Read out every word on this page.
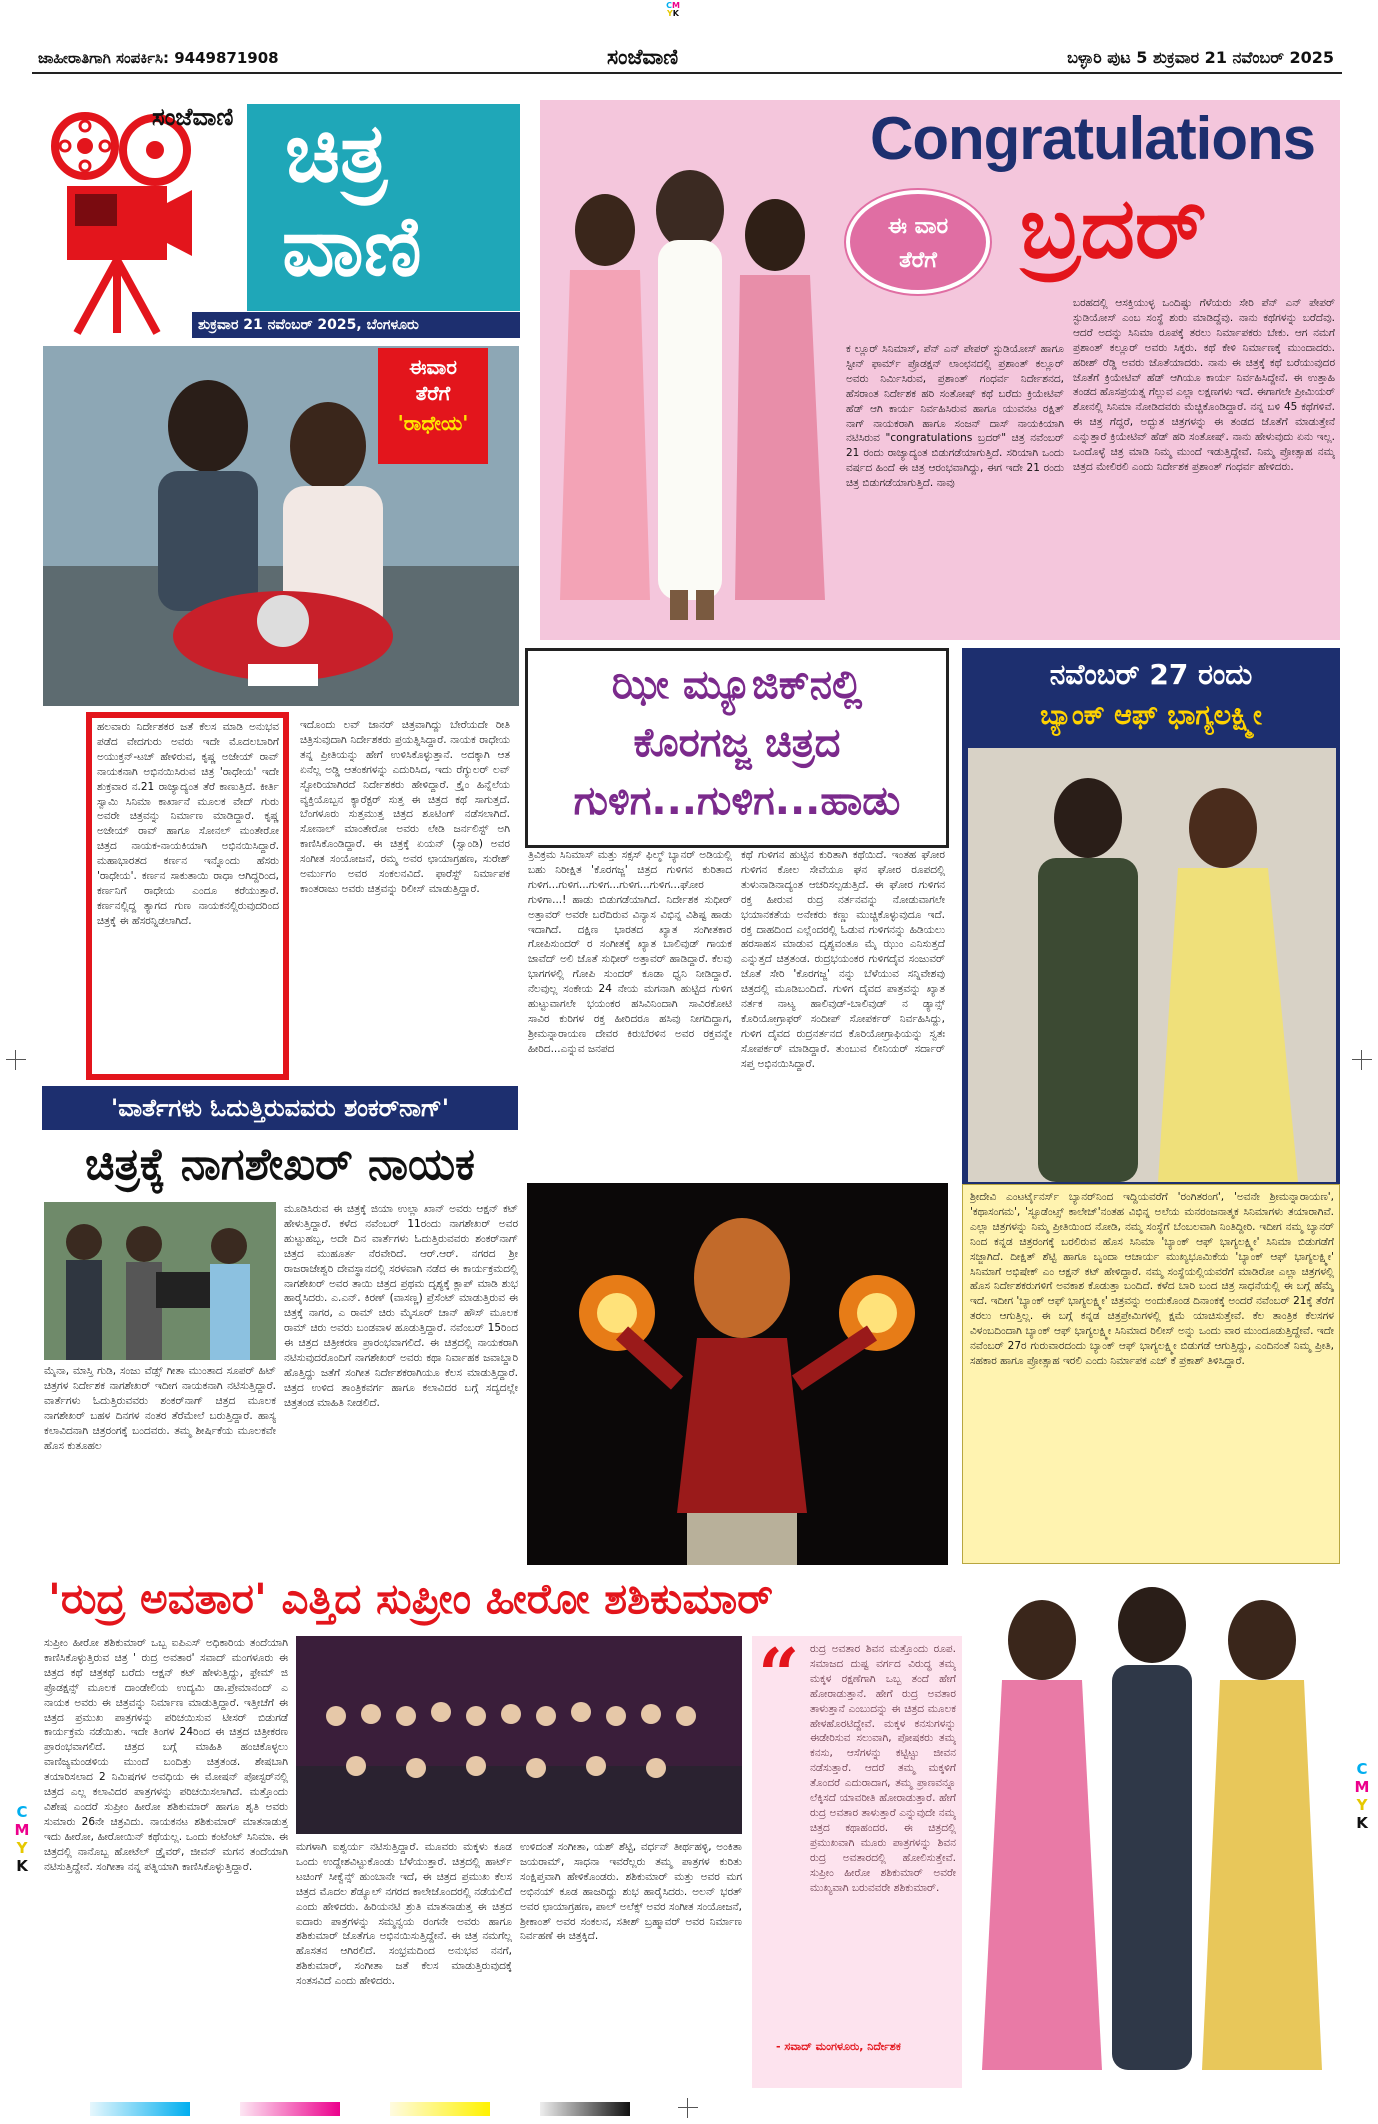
CM
YK
ಜಾಹೀರಾತಿಗಾಗಿ ಸಂಪರ್ಕಿಸಿ: 9449871908	ಸಂಜೆವಾಣಿ	ಬಳ್ಳಾರಿ ಪುಟ 5 ಶುಕ್ರವಾರ 21 ನವೆಂಬರ್ 2025
ಸಂಜೆವಾಣಿ ಚಿತ್ರ
ವಾಣಿ
ಶುಕ್ರವಾರ 21 ನವೆಂಬರ್ 2025, ಬೆಂಗಳೂರು
Congratulations
ಈ ವಾರ
ತೆರೆಗೆ ಬ್ರದರ್
ಕ ಲ್ಲೂರ್ ಸಿನಿಮಾಸ್, ಪೆನ್ ಎನ್ ಪೇಪರ್ ಸ್ಟುಡಿಯೋಸ್ ಹಾಗೂ ಸ್ಟೀನ್ ಫಾರ್ಮ್ ಪ್ರೊಡಕ್ಷನ್ ಲಾಂಛನದಲ್ಲಿ ಪ್ರಶಾಂತ್ ಕಲ್ಲೂರ್ ಅವರು ನಿರ್ಮಿಸಿರುವ, ಪ್ರಶಾಂತ್ ಗಂಧರ್ವ ನಿರ್ದೇಶನದ, ಹೆಸರಾಂತ ನಿರ್ದೇಶಕ ಹರಿ ಸಂತೋಷ್ ಕಥೆ ಬರೆದು ಕ್ರಿಯೇಟಿವ್ ಹೆಡ್ ಆಗಿ ಕಾರ್ಯ ನಿರ್ವಹಿಸಿರುವ ಹಾಗೂ ಯುವನಟ ರಕ್ಷಿತ್ ನಾಗ್ ನಾಯಕರಾಗಿ ಹಾಗೂ ಸಂಜನ್ ದಾಸ್ ನಾಯಕಿಯಾಗಿ ನಟಿಸಿರುವ "congratulations ಬ್ರದರ್" ಚಿತ್ರ ನವೆಂಬರ್ 21 ರಂದು ರಾಜ್ಯಾದ್ಯಂತ ಬಿಡುಗಡೆಯಾಗುತ್ತಿದೆ. ಸರಿಯಾಗಿ ಒಂದು ವರ್ಷದ ಹಿಂದೆ ಈ ಚಿತ್ರ ಆರಂಭವಾಗಿದ್ದು, ಈಗ ಇದೇ 21 ರಂದು ಚಿತ್ರ ಬಿಡುಗಡೆಯಾಗುತ್ತಿದೆ. ನಾವು
ಬರಹದಲ್ಲಿ ಆಸಕ್ತಿಯುಳ್ಳ ಒಂದಿಷ್ಟು ಗೆಳೆಯರು ಸೇರಿ ಪೆನ್ ಎನ್ ಪೇಪರ್ ಸ್ಟುಡಿಯೋಸ್ ಎಂಬ ಸಂಸ್ಥೆ ಶುರು ಮಾಡಿದ್ದೆವು. ನಾನು ಕಥೆಗಳನ್ನು ಬರೆದೆವು. ಆದರೆ ಅದನ್ನು ಸಿನಿಮಾ ರೂಪಕ್ಕೆ ತರಲು ನಿರ್ಮಾಪಕರು ಬೇಕು. ಆಗ ನಮಗೆ ಪ್ರಶಾಂತ್ ಕಲ್ಲೂರ್ ಅವರು ಸಿಕ್ಕರು. ಕಥೆ ಕೇಳಿ ನಿರ್ಮಾಣಕ್ಕೆ ಮುಂದಾದರು. ಹರೀಶ್ ರೆಡ್ಡಿ ಅವರು ಜೊತೆಯಾದರು. ನಾನು ಈ ಚಿತ್ರಕ್ಕೆ ಕಥೆ ಬರೆಯುವುದರ ಜೊತೆಗೆ ಕ್ರಿಯೇಟಿವ್ ಹೆಡ್ ಆಗಿಯೂ ಕಾರ್ಯ ನಿರ್ವಹಿಸಿದ್ದೇನೆ. ಈ ಉತ್ತಾಹಿ ತಂಡದ ಹೊಸಪ್ರಯತ್ನ ಗೆಲ್ಲುವ ಎಲ್ಲಾ ಲಕ್ಷಣಗಳು ಇದೆ. ಈಗಾಗಲೇ ಪ್ರೀಮಿಯರ್ ಶೋನಲ್ಲಿ ಸಿನಿಮಾ ನೋಡಿದವರು ಮೆಚ್ಚಿಕೊಂಡಿದ್ದಾರೆ. ನನ್ನ ಬಳಿ 45 ಕಥೆಗಳಿವೆ. ಈ ಚಿತ್ರ ಗೆದ್ದರೆ, ಅದ್ಭುತ ಚಿತ್ರಗಳನ್ನು ಈ ತಂಡದ ಜೊತೆಗೆ ಮಾಡುತ್ತೇನೆ ಎನ್ನುತ್ತಾರೆ ಕ್ರಿಯೇಟಿವ್ ಹೆಡ್ ಹರಿ ಸಂತೋಷ್. ನಾನು ಹೇಳುವುದು ಏನು ಇಲ್ಲ. ಒಂದೊಳ್ಳೆ ಚಿತ್ರ ಮಾಡಿ ನಿಮ್ಮ ಮುಂದೆ ಇಡುತ್ತಿದ್ದೇವೆ. ನಿಮ್ಮ ಪ್ರೋತ್ಸಾಹ ನಮ್ಮ ಚಿತ್ರದ ಮೇಲಿರಲಿ ಎಂದು ನಿರ್ದೇಶಕ ಪ್ರಶಾಂತ್ ಗಂಧರ್ವ ಹೇಳಿದರು.
ಈವಾರ
ತೆರೆಗೆ
'ರಾಧೇಯ'
ಹಲವಾರು ನಿರ್ದೇಶಕರ ಜತೆ ಕೆಲಸ ಮಾಡಿ ಅನುಭವ ಪಡೆದ ವೇದಗುರು ಅವರು ಇದೇ ಮೊದಲಬಾರಿಗೆ ಅಯುಕ್ತನ್-ಟಚ್ ಹೇಳಿರುವ, ಕೃಷ್ಣ ಅಜೇಯ್ ರಾವ್ ನಾಯಕನಾಗಿ ಅಭಿನಯಿಸಿರುವ ಚಿತ್ರ 'ರಾಧೇಯ' ಇದೇ ಶುಕ್ರವಾರ ನ.21 ರಾಜ್ಯಾದ್ಯಂತ ತೆರೆ ಕಾಣುತ್ತಿದೆ. ಕೀರ್ತಿ ಸ್ವಾಮಿ ಸಿನಿಮಾ ಕಾರ್ಖಾನೆ ಮೂಲಕ ವೇದ್ ಗುರು ಅವರೇ ಚಿತ್ರವನ್ನು ನಿರ್ಮಾಣ ಮಾಡಿದ್ದಾರೆ. ಕೃಷ್ಣ ಅಜೇಯ್ ರಾವ್ ಹಾಗೂ ಸೋನಲ್ ಮಂತೇರೋ ಚಿತ್ರದ ನಾಯಕ-ನಾಯಕಿಯಾಗಿ ಅಭಿನಯಿಸಿದ್ದಾರೆ. ಮಹಾಭಾರತದ ಕರ್ಣನ ಇನ್ನೊಂದು ಹೆಸರು 'ರಾಧೇಯ'. ಕರ್ಣನ ಸಾಕುತಾಯಿ ರಾಧಾ ಆಗಿದ್ದರಿಂದ, ಕರ್ಣನಿಗೆ ರಾಧೇಯ ಎಂದೂ ಕರೆಯುತ್ತಾರೆ. ಕರ್ಣನಲ್ಲಿದ್ದ ತ್ಯಾಗದ ಗುಣ ನಾಯಕನಲ್ಲಿರುವುದರಿಂದ ಚಿತ್ರಕ್ಕೆ ಈ ಹೆಸರನ್ನಿಡಲಾಗಿದೆ.
ಇದೊಂದು ಲವ್ ಜಾನರ್ ಚಿತ್ರವಾಗಿದ್ದು ಬೇರೆಯದೇ ರೀತಿ ಚಿತ್ರಿಸುವುದಾಗಿ ನಿರ್ದೇಶಕರು ಪ್ರಯತ್ನಿಸಿದ್ದಾರೆ. ನಾಯಕ ರಾಧೇಯ ತನ್ನ ಪ್ರೀತಿಯನ್ನು ಹೇಗೆ ಉಳಿಸಿಕೊಳ್ಳುತ್ತಾನೆ. ಅದಕ್ಕಾಗಿ ಆತ ಏನೆಲ್ಲ ಅಡ್ಡಿ ಆತಂಕಗಳನ್ನು ಎದುರಿಸಿದ, ಇದು ರೆಗ್ಯುಲರ್ ಲವ್ ಸ್ಟೋರಿಯಾಗಿರದೆ ನಿರ್ದೇಶಕರು ಹೇಳಿದ್ದಾರೆ. ಕ್ರೈಂ ಹಿನ್ನೆಲೆಯ ವ್ಯಕ್ತಿಯೊಬ್ಬನ ಕ್ಯಾರೆಕ್ಟರ್ ಸುತ್ತ ಈ ಚಿತ್ರದ ಕಥೆ ಸಾಗುತ್ತದೆ. ಬೆಂಗಳೂರು ಸುತ್ತಮುತ್ತ ಚಿತ್ರದ ಶೂಟಿಂಗ್ ನಡೆಸಲಾಗಿದೆ. ಸೋನಾಲ್ ಮಾಂತೇರೋ ಅವರು ಲೇಡಿ ಜರ್ನಲಿಸ್ಟ್ ಅಗಿ ಕಾಣಿಸಿಕೊಂಡಿದ್ದಾರೆ. ಈ ಚಿತ್ರಕ್ಕೆ ಏಯನ್ (ಸ್ವಾಂಡಿ) ಅವರ ಸಂಗೀತ ಸಂಯೋಜನೆ, ರಮ್ಮ ಅವರ ಛಾಯಾಗ್ರಹಣ, ಸುರೇಶ್ ಅರ್ಮುಗಂ ಅವರ ಸಂಕಲನವಿದೆ. ಫಾರೆಸ್ಟ್ ನಿರ್ಮಾಪಕ ಕಾಂತರಾಜು ಅವರು ಚಿತ್ರವನ್ನು ರಿಲೀಸ್ ಮಾಡುತ್ತಿದ್ದಾರೆ.
ಝೀ ಮ್ಯೂಜಿಕ್‌ನಲ್ಲಿ
ಕೊರಗಜ್ಜ ಚಿತ್ರದ
ಗುಳಿಗ...ಗುಳಿಗ...ಹಾಡು
ತ್ರಿವಿಕ್ರಮ ಸಿನಿಮಾಸ್ ಮತ್ತು ಸಕ್ಸಸ್ ಫಿಲ್ಮ್ ಬ್ಯಾನರ್ ಅಡಿಯಲ್ಲಿ ಬಹು ನಿರೀಕ್ಷಿತ 'ಕೊರಗಜ್ಜ' ಚಿತ್ರದ ಗುಳಿಗನ ಕುರಿತಾದ ಗುಳಿಗ...ಗುಳಿಗ...ಗುಳಿಗ...ಗುಳಿಗ...ಗುಳಿಗ...ಘೋರ ಗುಳಿಗಾ...! ಹಾಡು ಬಿಡುಗಡೆಯಾಗಿದೆ. ನಿರ್ದೇಶಕ ಸುಧೀರ್ ಅತ್ತಾವರ್ ಅವರೇ ಬರೆದಿರುವ ವಿನ್ಯಾಸ ವಿಭಿನ್ನ ವಿಶಿಷ್ಟ ಹಾಡು ಇದಾಗಿದೆ. ದಕ್ಷಿಣ ಭಾರತದ ಖ್ಯಾತ ಸಂಗೀತಕಾರ ಗೋಪಿಸುಂದರ್ ರ ಸಂಗೀತಕ್ಕೆ ಖ್ಯಾತ ಬಾಲಿವುಡ್ ಗಾಯಕ ಜಾವೆದ್ ಅಲಿ ಜೊತೆ ಸುಧೀರ್ ಅತ್ತಾವರ್ ಹಾಡಿದ್ದಾರೆ. ಕೆಲವು ಭಾಗಗಳಲ್ಲಿ ಗೋಪಿ ಸುಂದರ್ ಕೂಡಾ ಧ್ವನಿ ನೀಡಿದ್ದಾರೆ. ನೆಲವುಲ್ಲ ಸಂಕೇಯ 24 ನೇಯ ಮಗನಾಗಿ ಹುಟ್ಟಿದ ಗುಳಿಗ ಹುಟ್ಟುವಾಗಲೇ ಭಯಂಕರ ಹಸಿವಿನಿಂದಾಗಿ ಸಾವಿರಕೋಟಿ ಸಾವಿರ ಕುರಿಗಳ ರಕ್ತ ಹೀರಿದರೂ ಹಸಿವು ನೀಗದಿದ್ದಾಗ, ಶ್ರೀಮನ್ನಾರಾಯಣ ದೇವರ ಕಿರುಬೆರಳಿನ ಅವರ ರಕ್ತವನ್ನೇ ಹೀರಿದ...ಎನ್ನುವ ಜನಪದ
ಕಥೆ ಗುಳಿಗನ ಹುಟ್ಟಿನ ಕುರಿತಾಗಿ ಕಥೆಯಿದೆ. ಇಂತಹ ಘೋರ ಗುಳಿಗನ ಕೋಲ ಸೇವೆಯೂ ಘನ ಘೋರ ರೂಪದಲ್ಲಿ ತುಳುನಾಡಿನಾದ್ಯಂತ ಆಚರಿಸಲ್ಪಡುತ್ತಿದೆ. ಈ ಘೋರ ಗುಳಿಗನ ರಕ್ತ ಹೀರುವ ರುದ್ರ ನರ್ತನವನ್ನು ನೋಡುವಾಗಲೇ ಭಯಾನಕತೆಯ ಅನೇಕರು ಕಣ್ಣು ಮುಚ್ಚಿಕೊಳ್ಳುವುದೂ ಇದೆ. ರಕ್ತ ದಾಹದಿಂದ ಎಲ್ಲೆಂದರಲ್ಲಿ ಓಡುವ ಗುಳಿಗನನ್ನು ಹಿಡಿಯಲು ಹರಸಾಹಸ ಮಾಡುವ ದೃಶ್ಯವಂತೂ ಮೈ ಝುಂ ಎನಿಸುತ್ತದೆ ಎನ್ನುತ್ತದೆ ಚಿತ್ರತಂಡ. ರುದ್ರಭಯಂಕರ ಗುಳಿಗದೈವ ಸಂಜುವರ್ ಜೊತೆ ಸೇರಿ 'ಕೊರಗಜ್ಜ' ನನ್ನು ಬೆಳೆಯುವ ಸನ್ನಿವೇಶವು ಚಿತ್ರದಲ್ಲಿ ಮೂಡಿಬಂದಿದೆ. ಗುಳಿಗ ದೈವದ ಪಾತ್ರವನ್ನು ಖ್ಯಾತ ನರ್ತಕ ನಾಟ್ಯ ಹಾಲಿವುಡ್-ಬಾಲಿವುಡ್ ನ ಡ್ಯಾನ್ಸ್ ಕೊರಿಯೋಗ್ರಾಫರ್ ಸಂದೀಪ್ ಸೋಪರ್ಕರ್ ನಿರ್ವಹಿಸಿದ್ದು, ಗುಳಿಗ ದೈವದ ರುದ್ರನರ್ತನದ ಕೊರಿಯೋಗ್ರಾಫಿಯನ್ನು ಸ್ವತಃ ಸೋಪರ್ಕರ್ ಮಾಡಿದ್ದಾರೆ. ತುಂಬುವ ಲೀನಿಯರ್ ಸರ್ದಾರ್ ಸಪ್ತ ಅಭಿನಯಿಸಿದ್ದಾರೆ.
ನವೆಂಬರ್ 27 ರಂದು
ಬ್ಯಾಂಕ್ ಆಫ್ ಭಾಗ್ಯಲಕ್ಷ್ಮೀ
ಶ್ರೀದೇವಿ ಎಂಟರ್ಟೈನರ್ಸ್ ಬ್ಯಾನರ್‌ನಿಂದ ಇದ್ದಿಯವರೆಗೆ 'ರಂಗಿತರಂಗ', 'ಅವನೇ ಶ್ರೀಮನ್ನಾರಾಯಣ', 'ಕಥಾಸಂಗಮ', 'ಸ್ಟೂಡೆಂಟ್ಸ್ ಕಾಲೇಜ್'ನಂತಹ ವಿಭಿನ್ನ ಅಲೆಯ ಮನರಂಜನಾತ್ಮಕ ಸಿನಿಮಾಗಳು ತಯಾರಾಗಿವೆ. ಎಲ್ಲಾ ಚಿತ್ರಗಳನ್ನು ನಿಮ್ಮ ಪ್ರೀತಿಯಿಂದ ನೋಡಿ, ನಮ್ಮ ಸಂಸ್ಥೆಗೆ ಬೆಂಬಲವಾಗಿ ನಿಂತಿದ್ದೀರಿ. ಇದೀಗ ನಮ್ಮ ಬ್ಯಾನರ್ ನಿಂದ ಕನ್ನಡ ಚಿತ್ರರಂಗಕ್ಕೆ ಬರಲಿರುವ ಹೊಸ ಸಿನಿಮಾ 'ಬ್ಯಾಂಕ್ ಆಫ್ ಭಾಗ್ಯಲಕ್ಷ್ಮೀ' ಸಿನಿಮಾ ಬಿಡುಗಡೆಗೆ ಸಜ್ಜಾಗಿದೆ. ದೀಕ್ಷಿತ್ ಶೆಟ್ಟಿ ಹಾಗೂ ಬೃಂದಾ ಆಚಾರ್ಯ ಮುಖ್ಯಭೂಮಿಕೆಯ 'ಬ್ಯಾಂಕ್ ಆಫ್ ಭಾಗ್ಯಲಕ್ಷ್ಮೀ' ಸಿನಿಮಾಗೆ ಅಭಿಷೇಕ್ ಎಂ ಆಕ್ಷನ್ ಕಟ್ ಹೇಳಿದ್ದಾರೆ. ನಮ್ಮ ಸಂಸ್ಥೆಯಲ್ಲಿಯವರೆಗೆ ಮಾಡಿರೋ ಎಲ್ಲಾ ಚಿತ್ರಗಳಲ್ಲಿ ಹೊಸ ನಿರ್ದೇಶಕರುಗಳಿಗೆ ಅವಕಾಶ ಕೊಡುತ್ತಾ ಬಂದಿದೆ. ಕಳೆದ ಬಾರಿ ಬಂದ ಚಿತ್ರ ಸಾಧನೆಯಲ್ಲಿ ಈ ಬಗ್ಗೆ ಹೆಮ್ಮೆ ಇದೆ. ಇದೀಗ 'ಬ್ಯಾಂಕ್ ಆಫ್ ಭಾಗ್ಯಲಕ್ಷ್ಮೀ' ಚಿತ್ರವನ್ನು ಅಂದುಕೊಂಡ ದಿನಾಂಕಕ್ಕೆ ಅಂದರೆ ನವೆಂಬರ್ 21ಕ್ಕೆ ತೆರೆಗೆ ತರಲು ಆಗುತ್ತಿಲ್ಲ. ಈ ಬಗ್ಗೆ ಕನ್ನಡ ಚಿತ್ರಪ್ರೇಮಿಗಳಲ್ಲಿ ಕ್ಷಮೆ ಯಾಚಿಸುತ್ತೇವೆ. ಕೆಲ ತಾಂತ್ರಿಕ ಕೆಲಸಗಳ ವಿಳಂಬದಿಂದಾಗಿ ಬ್ಯಾಂಕ್ ಆಫ್ ಭಾಗ್ಯಲಕ್ಷ್ಮೀ ಸಿನಿಮಾದ ರಿಲೀಸ್ ಅನ್ನು ಒಂದು ವಾರ ಮುಂದೂಡುತ್ತಿದ್ದೇವೆ. ಇದೇ ನವೆಂಬರ್ 27ರ ಗುರುವಾರದಂದು ಬ್ಯಾಂಕ್ ಆಫ್ ಭಾಗ್ಯಲಕ್ಷ್ಮೀ ಬಿಡುಗಡೆ ಆಗುತ್ತಿದ್ದು, ಎಂದಿನಂತೆ ನಿಮ್ಮ ಪ್ರೀತಿ, ಸಹಕಾರ ಹಾಗೂ ಪ್ರೋತ್ಸಾಹ ಇರಲಿ ಎಂದು ನಿರ್ಮಾಪಕ ಎಚ್ ಕೆ ಪ್ರಕಾಶ್ ತಿಳಿಸಿದ್ದಾರೆ.
'ವಾರ್ತೆಗಳು ಓದುತ್ತಿರುವವರು ಶಂಕರ್‌ನಾಗ್'
ಚಿತ್ರಕ್ಕೆ ನಾಗಶೇಖರ್ ನಾಯಕ
ಮೈನಾ, ಮಾಸ್ತಿ ಗುಡಿ, ಸಂಜು ವೆಡ್ಸ್ ಗೀತಾ ಮುಂತಾದ ಸೂಪರ್ ಹಿಟ್ ಚಿತ್ರಗಳ ನಿರ್ದೇಶಕ ನಾಗಶೇಖರ್ ಇದೀಗ ನಾಯಕನಾಗಿ ನಟಿಸುತ್ತಿದ್ದಾರೆ. ವಾರ್ತೆಗಳು ಓದುತ್ತಿರುವವರು ಶಂಕರ್‌ನಾಗ್ ಚಿತ್ರದ ಮೂಲಕ ನಾಗಶೇಖರ್ ಬಹಳ ದಿನಗಳ ನಂತರ ತೆರೆಮೇಲೆ ಬರುತ್ತಿದ್ದಾರೆ. ಹಾಸ್ಯ ಕಲಾವಿದನಾಗಿ ಚಿತ್ರರಂಗಕ್ಕೆ ಬಂದವರು. ತಮ್ಮ ಶೀರ್ಷಿಕೆಯ ಮೂಲಕವೇ ಹೊಸ ಕುತೂಹಲ
ಮೂಡಿಸಿರುವ ಈ ಚಿತ್ರಕ್ಕೆ ಜಿಯಾ ಉಲ್ಲಾ ಖಾನ್ ಅವರು ಆಕ್ಷನ್ ಕಟ್ ಹೇಳುತ್ತಿದ್ದಾರೆ. ಕಳೆದ ನವೆಂಬರ್ 11ರಂದು ನಾಗಶೇಖರ್ ಅವರ ಹುಟ್ಟುಹಬ್ಬ, ಅದೇ ದಿನ ವಾರ್ತೆಗಳು ಓದುತ್ತಿರುವವರು ಶಂಕರ್‌ನಾಗ್ ಚಿತ್ರದ ಮುಹೂರ್ತ ನೆರವೇರಿದೆ. ಆರ್.ಆರ್. ನಗರದ ಶ್ರೀ ರಾಜರಾಜೇಶ್ವರಿ ದೇವಸ್ಥಾನದಲ್ಲಿ ಸರಳವಾಗಿ ನಡೆದ ಈ ಕಾರ್ಯಕ್ರಮದಲ್ಲಿ ನಾಗಶೇಖರ್ ಅವರ ತಾಯಿ ಚಿತ್ರದ ಪ್ರಥಮ ದೃಶ್ಯಕ್ಕೆ ಕ್ಲಾಪ್ ಮಾಡಿ ಶುಭ ಹಾರೈಸಿದರು. ಎ.ಎನ್. ಕಿರಣ್ (ವಾಸಣ್ಣ) ಪ್ರೆಸೆಂಟ್ ಮಾಡುತ್ತಿರುವ ಈ ಚಿತ್ರಕ್ಕೆ ನಾಗರ, ಎ ರಾಮ್ ಚಿರು ಮೈಸೂರ್ ಚಾನ್ ಹೌಸ್ ಮೂಲಕ ರಾಮ್ ಚಿರು ಅವರು ಬಂಡವಾಳ ಹೂಡುತ್ತಿದ್ದಾರೆ. ನವೆಂಬರ್ 15ರಿಂದ ಈ ಚಿತ್ರದ ಚಿತ್ರೀಕರಣ ಪ್ರಾರಂಭವಾಗಲಿದೆ. ಈ ಚಿತ್ರದಲ್ಲಿ ನಾಯಕರಾಗಿ ನಟಿಸುವುದರೊಂದಿಗೆ ನಾಗಶೇಖರ್ ಅವರು ಕಥಾ ನಿರ್ವಾಹಕ ಜವಾಬ್ದಾರಿ ಹೊತ್ತಿದ್ದು ಜತೆಗೆ ಸಂಗೀತ ನಿರ್ದೇಶಕರಾಗಿಯೂ ಕೆಲಸ ಮಾಡುತ್ತಿದ್ದಾರೆ. ಚಿತ್ರದ ಉಳಿದ ತಾಂತ್ರಿಕವರ್ಗ ಹಾಗೂ ಕಲಾವಿದರ ಬಗ್ಗೆ ಸದ್ಯದಲ್ಲೇ ಚಿತ್ರತಂಡ ಮಾಹಿತಿ ನೀಡಲಿದೆ.
'ರುದ್ರ ಅವತಾರ' ಎತ್ತಿದ ಸುಪ್ರೀಂ ಹೀರೋ ಶಶಿಕುಮಾರ್
ಸುಪ್ರೀಂ ಹೀರೋ ಶಶಿಕುಮಾರ್ ಒಬ್ಬ ಐಪಿಎಸ್ ಅಧಿಕಾರಿಯ ತಂದೆಯಾಗಿ ಕಾಣಿಸಿಕೊಳ್ಳುತ್ತಿರುವ ಚಿತ್ರ ' ರುದ್ರ ಅವತಾರ' ಸವಾದ್ ಮಂಗಳೂರು ಈ ಚಿತ್ರದ ಕಥೆ ಚಿತ್ರಕಥೆ ಬರೆದು ಆಕ್ಷನ್ ಕಟ್ ಹೇಳುತ್ತಿದ್ದು, ಫ್ರೇಮ್ ಜಿ ಪ್ರೊಡಕ್ಷನ್ಸ್ ಮೂಲಕ ದಾಂಡೇಲಿಯ ಉದ್ಯಮಿ ಡಾ.ಪ್ರೇಮಾನಂದ್ ಎ ನಾಯಕ ಅವರು ಈ ಚಿತ್ರವನ್ನು ನಿರ್ಮಾಣ ಮಾಡುತ್ತಿದ್ದಾರೆ. ಇತ್ತೀಚೆಗೆ ಈ ಚಿತ್ರದ ಪ್ರಮುಖ ಪಾತ್ರಗಳನ್ನು ಪರಿಚಯಿಸುವ ಟೀಸರ್ ಬಿಡುಗಡೆ ಕಾರ್ಯಕ್ರಮ ನಡೆಯಿತು. ಇದೇ ತಿಂಗಳ 24ರಿಂದ ಈ ಚಿತ್ರದ ಚಿತ್ರೀಕರಣ ಪ್ರಾರಂಭವಾಗಲಿದೆ. ಚಿತ್ರದ ಬಗ್ಗೆ ಮಾಹಿತಿ ಹಂಚಿಕೊಳ್ಳಲು ವಾಣಿಜ್ಯಮಂಡಳಿಯ ಮುಂದೆ ಬಂದಿತ್ತು ಚಿತ್ರತಂಡ. ಶೇಷಬಾಗಿ ತಯಾರಿಸಲಾದ 2 ನಿಮಿಷಗಳ ಅವಧಿಯ ಈ ಮೋಷನ್ ಪೋಸ್ಟರ್‌ನಲ್ಲಿ ಚಿತ್ರದ ಎಲ್ಲ ಕಲಾವಿದರ ಪಾತ್ರಗಳನ್ನು ಪರಿಚಯಿಸಲಾಗಿದೆ. ಮತ್ತೊಂದು ವಿಶೇಷ ಎಂದರೆ ಸುಪ್ರೀಂ ಹೀರೋ ಶಶಿಕುಮಾರ್ ಹಾಗೂ ಶೃತಿ ಅವರು ಸುಮಾರು 26ನೇ ಚಿತ್ರವಿದು. ನಾಯಕನಟ ಶಶಿಕುಮಾರ್ ಮಾತನಾಡುತ್ತ ಇದು ಹೀರೋ, ಹೀರೋಯಿನ್ ಕಥೆಯಲ್ಲ. ಒಂದು ಕಂಟೆಂಟ್ ಸಿನಿಮಾ. ಈ ಚಿತ್ರದಲ್ಲಿ ನಾನೊಬ್ಬ ಹೋಟೆಲ್ ಡ್ರೈವರ್, ಜೀವನ್ ಮಗನ ತಂದೆಯಾಗಿ ನಟಿಸುತ್ತಿದ್ದೇನೆ. ಸಂಗೀತಾ ನನ್ನ ಪತ್ನಿಯಾಗಿ ಕಾಣಿಸಿಕೊಳ್ಳುತ್ತಿದ್ದಾರೆ.
ಮಗಳಾಗಿ ಐಶ್ವರ್ಯ ನಟಿಸುತ್ತಿದ್ದಾರೆ. ಮೂವರು ಮಕ್ಕಳು ಕೂಡ ಒಂದು ಉದ್ದೇಶವಿಟ್ಟುಕೊಂಡು ಬೆಳೆಯುತ್ತಾರೆ. ಚಿತ್ರದಲ್ಲಿ ಹಾರ್ಟ್ ಟಚಿಂಗ್ ಸೀಕ್ವೆನ್ಸ್ ಹುಂಬಾನೇ ಇದೆ, ಈ ಚಿತ್ರದ ಪ್ರಮುಖ ಕೆಲಸ ಚಿತ್ರದ ಮೊದಲ ಶೆಡ್ಯೂಲ್ ನಗರದ ಕಾಲೇಜೊಂದರಲ್ಲಿ ನಡೆಯಲಿದೆ ಎಂದು ಹೇಳಿದರು. ಹಿರಿಯನಟಿ ಶ್ರುತಿ ಮಾತನಾಡುತ್ತ ಈ ಚಿತ್ರದ ಐದಾರು ಪಾತ್ರಗಳನ್ನು ಸಮ್ಮನ್ವಯ ರಂಗನೇ ಅವರು ಹಾಗೂ ಶಶಿಕುಮಾರ್ ಜೊತೆಗೂ ಅಭಿನಯಿಸುತ್ತಿದ್ದೇನೆ. ಈ ಚಿತ್ರ ನಮಗೆಲ್ಲ ಹೊಸತನ ಆಗಿರಲಿದೆ. ಸಂಭ್ರಮದಿಂದ ಅನುಭವ ನನಗೆ, ಶಶಿಕುಮಾರ್, ಸಂಗೀತಾ ಜತೆ ಕೆಲಸ ಮಾಡುತ್ತಿರುವುದಕ್ಕೆ ಸಂತಸವಿದೆ ಎಂದು ಹೇಳಿದರು.
ಉಳಿದಂತೆ ಸಂಗೀತಾ, ಯಶ್ ಶೆಟ್ಟಿ, ವರ್ಧನ್ ತೀರ್ಥಹಳ್ಳಿ, ಅಂಕಿತಾ ಜಯರಾಮ್, ಸಾಧನಾ ಇವರೆಲ್ಲರು ತಮ್ಮ ಪಾತ್ರಗಳ ಕುರಿತು ಸಂಕ್ಷಿಪ್ತವಾಗಿ ಹೇಳಿಕೊಂಡರು. ಶಶಿಕುಮಾರ್ ಮತ್ತು ಅವರ ಮಗ ಅಭಿನಯ್ ಕೂಡ ಹಾಜರಿದ್ದು ಶುಭ ಹಾರೈಸಿದರು. ಅಲನ್ ಭರತ್ ಅವರ ಛಾಯಾಗ್ರಹಣ, ಪಾಲ್ ಅಲೆಕ್ಸ್ ಅವರ ಸಂಗೀತ ಸಂಯೋಜನೆ, ಶ್ರೀಕಾಂತ್ ಅವರ ಸಂಕಲನ, ಸತೀಶ್ ಬ್ರಹ್ಮಾವರ್ ಅವರ ನಿರ್ಮಾಣ ನಿರ್ವಹಣೆ ಈ ಚಿತ್ರಕ್ಕಿದೆ.
“ ರುದ್ರ ಅವತಾರ ಶಿವನ ಮತ್ತೊಂದು ರೂಪ. ಸಮಾಜದ ದುಷ್ಟ ವರ್ಗದ ವಿರುದ್ಧ ತಮ್ಮ ಮಕ್ಕಳ ರಕ್ಷಣೆಗಾಗಿ ಒಬ್ಬ ತಂದೆ ಹೇಗೆ ಹೋರಾಡುತ್ತಾನೆ. ಹೇಗೆ ರುದ್ರ ಅವತಾರ ತಾಳುತ್ತಾನೆ ಎಂಬುದನ್ನು ಈ ಚಿತ್ರದ ಮೂಲಕ ಹೇಳಹೊರಟಿದ್ದೇವೆ. ಮಕ್ಕಳ ಕನಸುಗಳನ್ನು ಈಡೇರಿಸುವ ಸಲುವಾಗಿ, ಪೋಷಕರು ತಮ್ಮ ಕನಸು, ಆಸೆಗಳನ್ನು ಕಟ್ಟಿಟ್ಟು ಜೀವನ ನಡೆಸುತ್ತಾರೆ. ಆದರೆ ತಮ್ಮ ಮಕ್ಕಳಿಗೆ ತೊಂದರೆ ಎದುರಾದಾಗ, ತಮ್ಮ ಪ್ರಾಣವನ್ನೂ ಲೆಕ್ಕಿಸದೆ ಯಾವರೀತಿ ಹೋರಾಡುತ್ತಾರೆ. ಹೇಗೆ ರುದ್ರ ಅವತಾರ ತಾಳುತ್ತಾರೆ ಎನ್ನುವುದೇ ನಮ್ಮ ಚಿತ್ರದ ಕಥಾಹಂದರ. ಈ ಚಿತ್ರದಲ್ಲಿ ಪ್ರಮುಖವಾಗಿ ಮೂರು ಪಾತ್ರಗಳನ್ನು ಶಿವನ ರುದ್ರ ಅವತಾರದಲ್ಲಿ ಹೋಲಿಸುತ್ತೇವೆ. ಸುಪ್ರೀಂ ಹೀರೋ ಶಶಿಕುಮಾರ್ ಅವರೇ ಮುಖ್ಯವಾಗಿ ಬರುವವರೇ ಶಶಿಕುಮಾರ್.
- ಸವಾದ್ ಮಂಗಳೂರು, ನಿರ್ದೇಶಕ
C
M
Y
K
C
M
Y
K
